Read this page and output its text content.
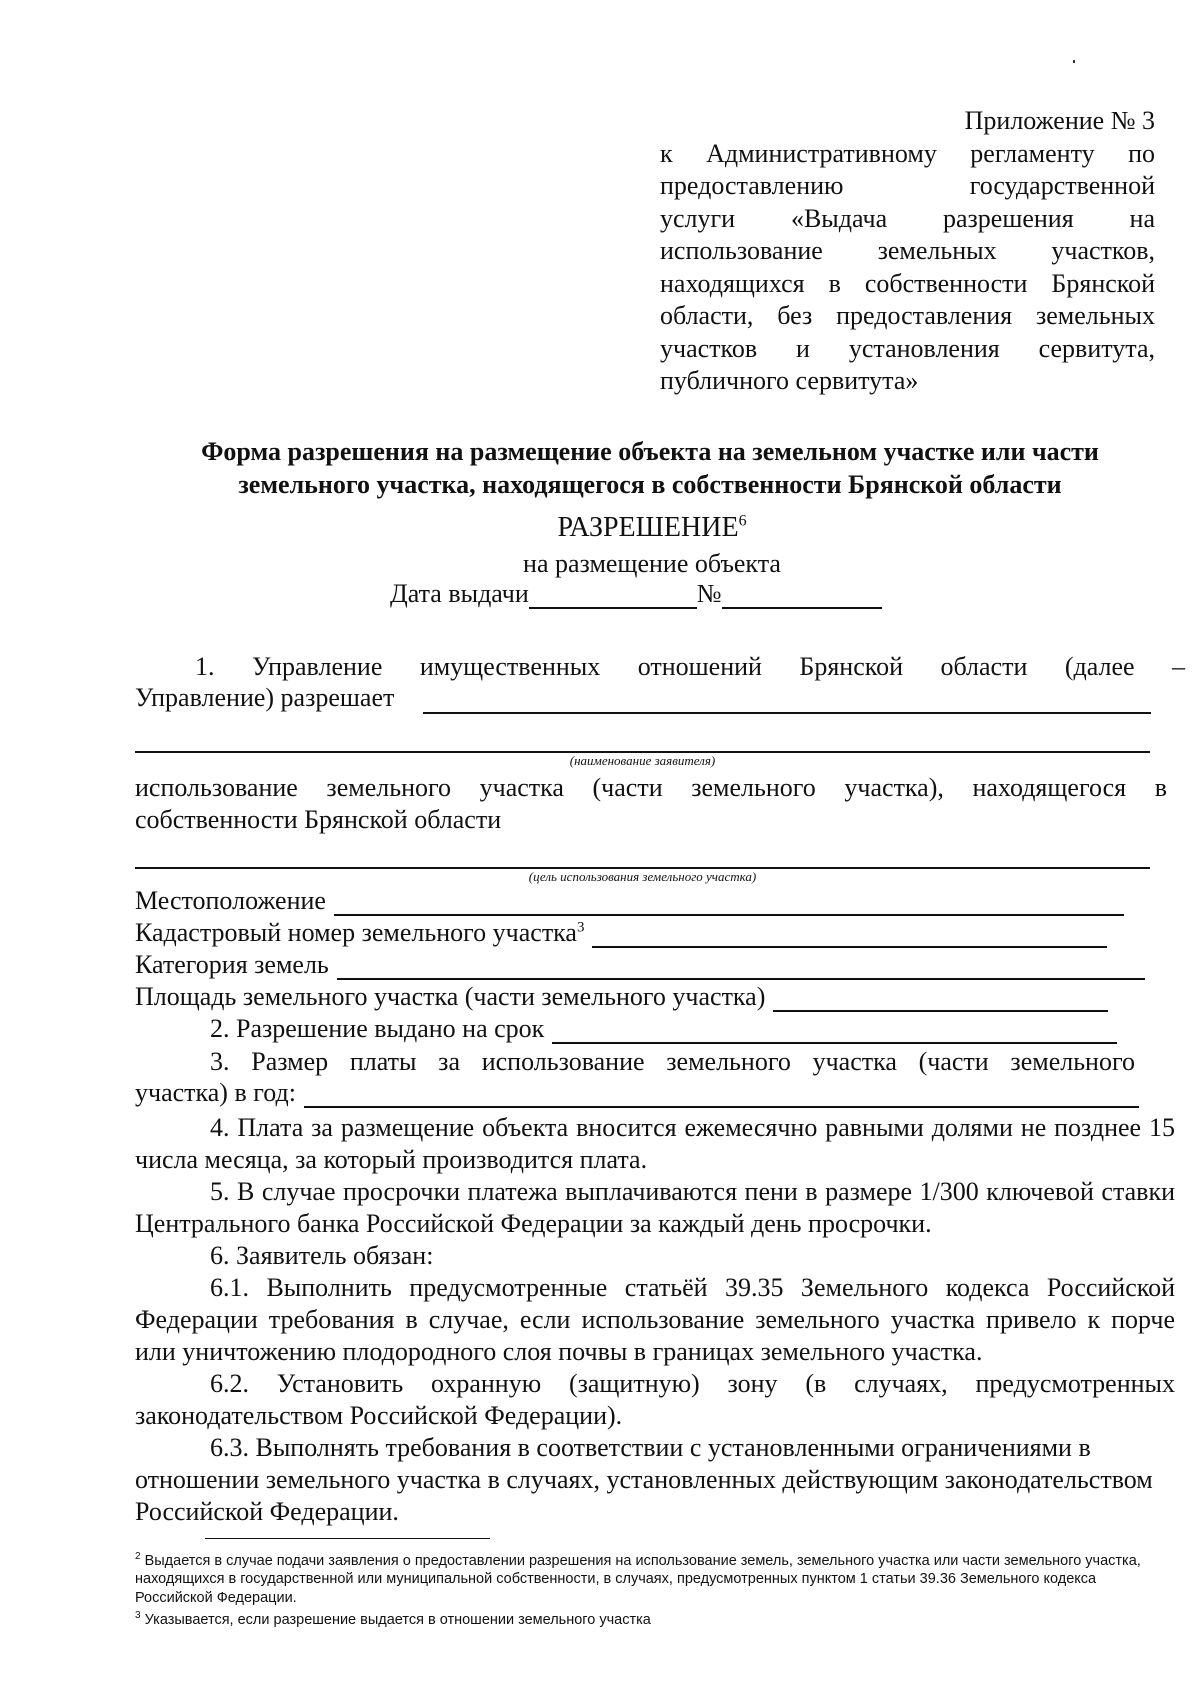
Приложение № 3
к Административному регламенту по
предоставлению государственной
услуги «Выдача разрешения на
использование земельных участков,
находящихся в собственности Брянской
области, без предоставления земельных
участков и установления сервитута,
публичного сервитута»
Форма разрешения на размещение объекта на земельном участке или части
земельного участка, находящегося в собственности Брянской области
РАЗРЕШЕНИЕ$^6$
на размещение объекта
Дата выдачи	№
1. Управление имущественных отношений Брянской области (далее –
Управление) разрешает
(наименование заявителя)
использование земельного участка (части земельного участка), находящегося в
собственности Брянской области
(цель использования земельного участка)
Местоположение
Кадастровый номер земельного участка$^3$
Категория земель
Площадь земельного участка (части земельного участка)
2. Разрешение выдано на срок
3. Размер платы за использование земельного участка (части земельного
участка) в год:

4. Плата за размещение объекта вносится ежемесячно равными долями не позднее 15 числа месяца, за который производится плата.

5. В случае просрочки платежа выплачиваются пени в размере 1/300 ключевой ставки Центрального банка Российской Федерации за каждый день просрочки.

6. Заявитель обязан:

6.1. Выполнить предусмотренные статьёй 39.35 Земельного кодекса Российской Федерации требования в случае, если использование земельного участка привело к порче или уничтожению плодородного слоя почвы в границах земельного участка.

6.2. Установить охранную (защитную) зону (в случаях, предусмотренных законодательством Российской Федерации).

6.3. Выполнять требования в соответствии с установленными ограничениями в отношении земельного участка в случаях, установленных действующим законодательством Российской Федерации.

$^2$ Выдается в случае подачи заявления о предоставлении разрешения на использование земель, земельного участка или части земельного участка, находящихся в государственной или муниципальной собственности, в случаях, предусмотренных пунктом 1 статьи 39.36 Земельного кодекса Российской Федерации.

$^3$ Указывается, если разрешение выдается в отношении земельного участка
